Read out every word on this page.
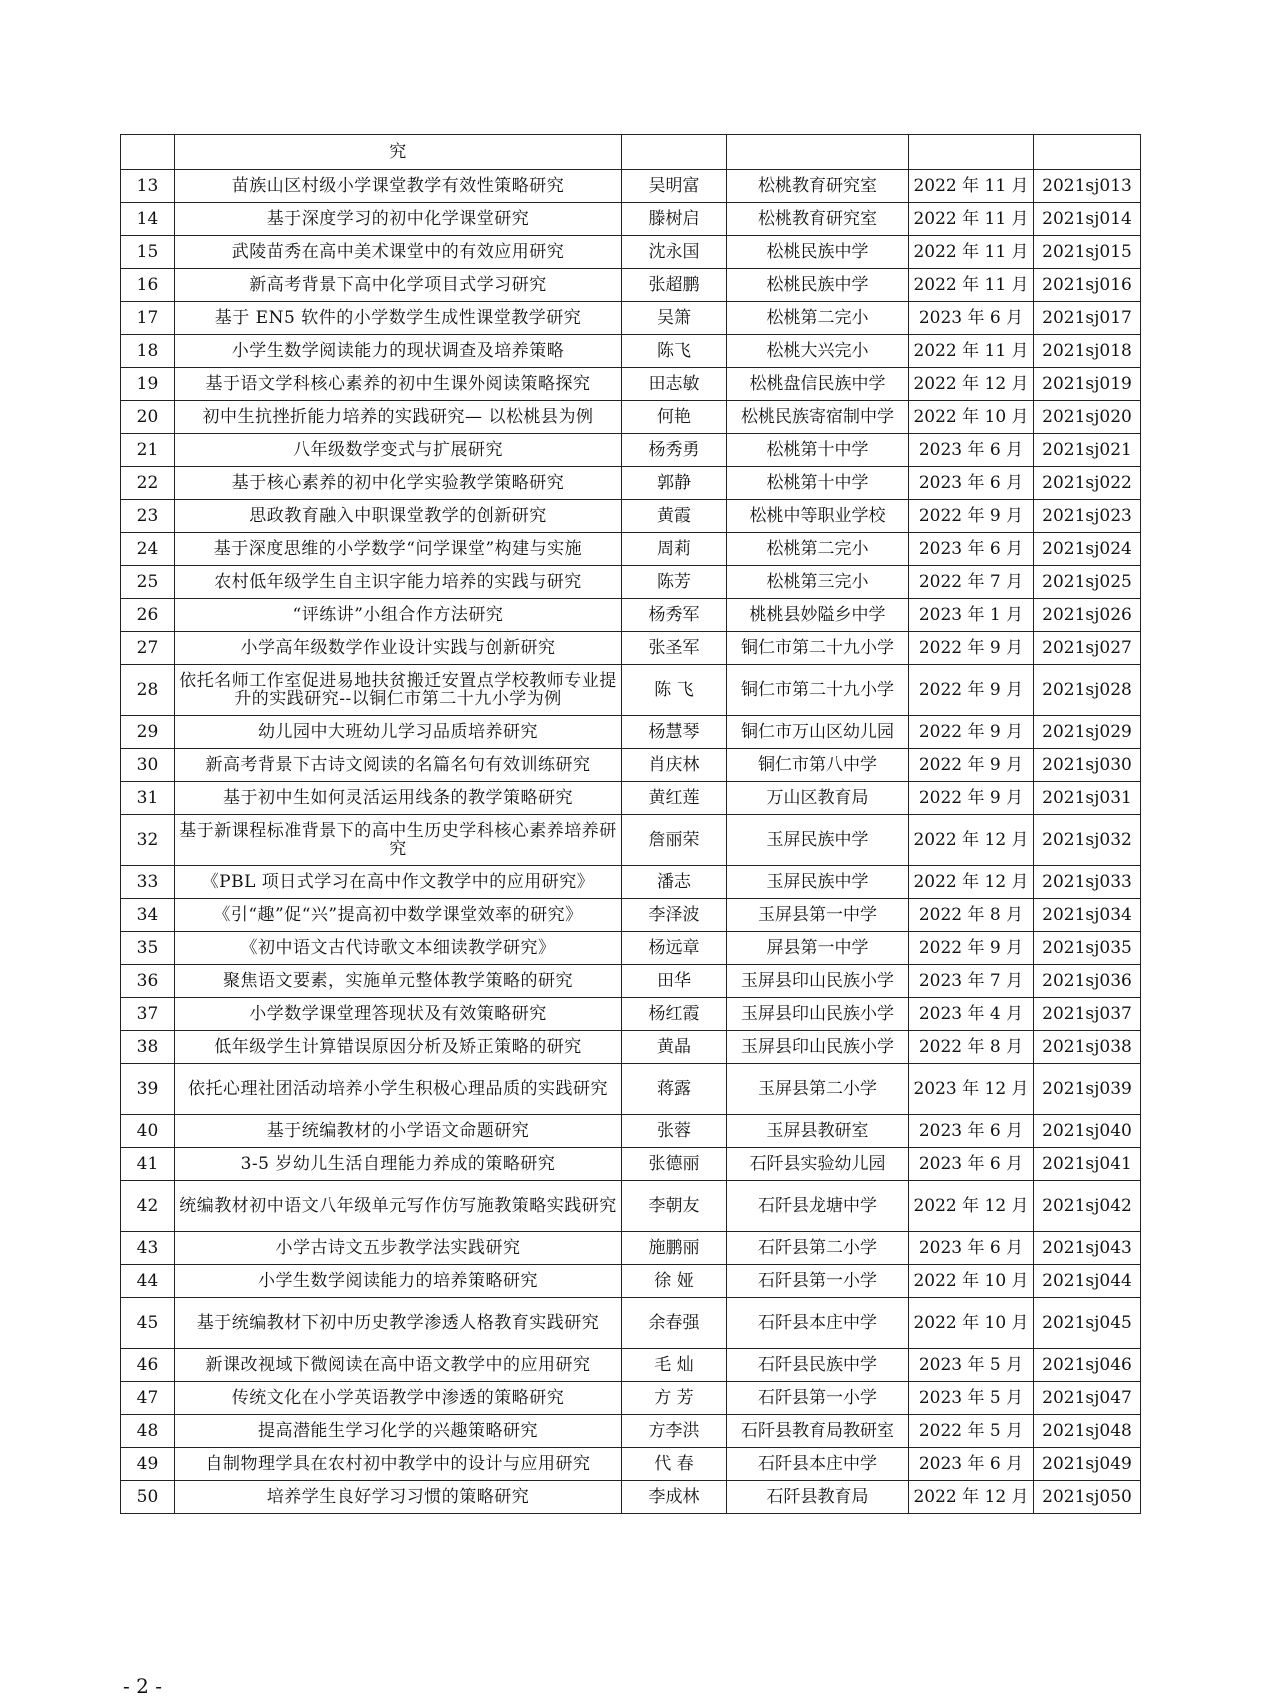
	究				
13	苗族山区村级小学课堂教学有效性策略研究	吴明富	松桃教育研究室	2022 年 11 月	2021sj013
14	基于深度学习的初中化学课堂研究	滕树启	松桃教育研究室	2022 年 11 月	2021sj014
15	武陵苗秀在高中美术课堂中的有效应用研究	沈永国	松桃民族中学	2022 年 11 月	2021sj015
16	新高考背景下高中化学项目式学习研究	张超鹏	松桃民族中学	2022 年 11 月	2021sj016
17	基于 EN5 软件的小学数学生成性课堂教学研究	吴箫	松桃第二完小	2023 年 6 月	2021sj017
18	小学生数学阅读能力的现状调查及培养策略	陈飞	松桃大兴完小	2022 年 11 月	2021sj018
19	基于语文学科核心素养的初中生课外阅读策略探究	田志敏	松桃盘信民族中学	2022 年 12 月	2021sj019
20	初中生抗挫折能力培养的实践研究— 以松桃县为例	何艳	松桃民族寄宿制中学	2022 年 10 月	2021sj020
21	八年级数学变式与扩展研究	杨秀勇	松桃第十中学	2023 年 6 月	2021sj021
22	基于核心素养的初中化学实验教学策略研究	郭静	松桃第十中学	2023 年 6 月	2021sj022
23	思政教育融入中职课堂教学的创新研究	黄霞	松桃中等职业学校	2022 年 9 月	2021sj023
24	基于深度思维的小学数学“问学课堂”构建与实施	周莉	松桃第二完小	2023 年 6 月	2021sj024
25	农村低年级学生自主识字能力培养的实践与研究	陈芳	松桃第三完小	2022 年 7 月	2021sj025
26	“评练讲”小组合作方法研究	杨秀军	桃桃县妙隘乡中学	2023 年 1 月	2021sj026
27	小学高年级数学作业设计实践与创新研究	张圣军	铜仁市第二十九小学	2022 年 9 月	2021sj027
28	依托名师工作室促进易地扶贫搬迁安置点学校教师专业提升的实践研究--以铜仁市第二十九小学为例	陈 飞	铜仁市第二十九小学	2022 年 9 月	2021sj028
29	幼儿园中大班幼儿学习品质培养研究	杨慧琴	铜仁市万山区幼儿园	2022 年 9 月	2021sj029
30	新高考背景下古诗文阅读的名篇名句有效训练研究	肖庆林	铜仁市第八中学	2022 年 9 月	2021sj030
31	基于初中生如何灵活运用线条的教学策略研究	黄红莲	万山区教育局	2022 年 9 月	2021sj031
32	基于新课程标准背景下的高中生历史学科核心素养培养研究	詹丽荣	玉屏民族中学	2022 年 12 月	2021sj032
33	《PBL 项日式学习在高中作文教学中的应用研究》	潘志	玉屏民族中学	2022 年 12 月	2021sj033
34	《引“趣”促“兴”提高初中数学课堂效率的研究》	李泽波	玉屏县第一中学	2022 年 8 月	2021sj034
35	《初中语文古代诗歌文本细读教学研究》	杨远章	屏县第一中学	2022 年 9 月	2021sj035
36	聚焦语文要素，实施单元整体教学策略的研究	田华	玉屏县印山民族小学	2023 年 7 月	2021sj036
37	小学数学课堂理答现状及有效策略研究	杨红霞	玉屏县印山民族小学	2023 年 4 月	2021sj037
38	低年级学生计算错误原因分析及矫正策略的研究	黄晶	玉屏县印山民族小学	2022 年 8 月	2021sj038
39	依托心理社团活动培养小学生积极心理品质的实践研究	蒋露	玉屏县第二小学	2023 年 12 月	2021sj039
40	基于统编教材的小学语文命题研究	张蓉	玉屏县教研室	2023 年 6 月	2021sj040
41	3-5 岁幼儿生活自理能力养成的策略研究	张德丽	石阡县实验幼儿园	2023 年 6 月	2021sj041
42	统编教材初中语文八年级单元写作仿写施教策略实践研究	李朝友	石阡县龙塘中学	2022 年 12 月	2021sj042
43	小学古诗文五步教学法实践研究	施鹏丽	石阡县第二小学	2023 年 6 月	2021sj043
44	小学生数学阅读能力的培养策略研究	徐 娅	石阡县第一小学	2022 年 10 月	2021sj044
45	基于统编教材下初中历史教学渗透人格教育实践研究	余春强	石阡县本庄中学	2022 年 10 月	2021sj045
46	新课改视域下微阅读在高中语文教学中的应用研究	毛 灿	石阡县民族中学	2023 年 5 月	2021sj046
47	传统文化在小学英语教学中渗透的策略研究	方 芳	石阡县第一小学	2023 年 5 月	2021sj047
48	提高潜能生学习化学的兴趣策略研究	方李洪	石阡县教育局教研室	2022 年 5 月	2021sj048
49	自制物理学具在农村初中教学中的设计与应用研究	代 春	石阡县本庄中学	2023 年 6 月	2021sj049
50	培养学生良好学习习惯的策略研究	李成林	石阡县教育局	2022 年 12 月	2021sj050
- 2 -
